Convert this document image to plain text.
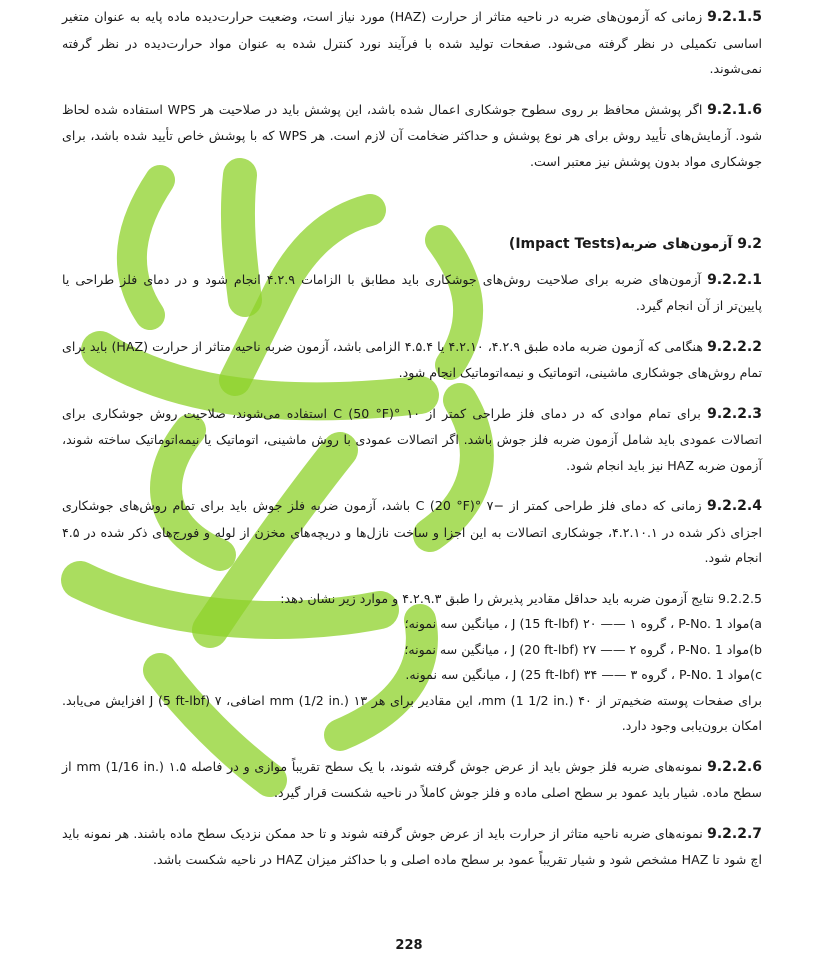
9.2.1.5 زمانی که آزمون‌های ضربه در ناحیه متاثر از حرارت (HAZ) مورد نیاز است، وضعیت حرارت‌دیده ماده پایه به عنوان متغیر اساسی تکمیلی در نظر گرفته می‌شود. صفحات تولید شده با فرآیند نورد کنترل شده به عنوان مواد حرارت‌دیده در نظر گرفته نمی‌شوند.

9.2.1.6 اگر پوشش محافظ بر روی سطوح جوشکاری اعمال شده باشد، این پوشش باید در صلاحیت هر WPS استفاده شده لحاظ شود. آزمایش‌های تأیید روش برای هر نوع پوشش و حداکثر ضخامت آن لازم است. هر WPS که با پوشش خاص تأیید شده باشد، برای جوشکاری مواد بدون پوشش نیز معتبر است.

9.2 آزمون‌های ضربه(Impact Tests)

9.2.2.1 آزمون‌های ضربه برای صلاحیت روش‌های جوشکاری باید مطابق با الزامات ۴.۲.۹ انجام شود و در دمای فلز طراحی یا پایین‌تر از آن انجام گیرد.

9.2.2.2 هنگامی که آزمون ضربه ماده طبق ۴.۲.۹، ۴.۲.۱۰ یا ۴.۵.۴ الزامی باشد، آزمون ضربه ناحیه متاثر از حرارت (HAZ) باید برای تمام روش‌های جوشکاری ماشینی، اتوماتیک و نیمه‌اتوماتیک انجام شود.

9.2.2.3 برای تمام موادی که در دمای فلز طراحی کمتر از ۱۰ °C (50 °F) استفاده می‌شوند، صلاحیت روش جوشکاری برای اتصالات عمودی باید شامل آزمون ضربه فلز جوش باشد. اگر اتصالات عمودی با روش ماشینی، اتوماتیک یا نیمه‌اتوماتیک ساخته شوند، آزمون ضربه HAZ نیز باید انجام شود.

9.2.2.4 زمانی که دمای فلز طراحی کمتر از −۷ °C (20 °F) باشد، آزمون ضربه فلز جوش باید برای تمام روش‌های جوشکاری اجزای ذکر شده در ۴.۲.۱۰.۱، جوشکاری اتصالات به این اجزا و ساخت نازل‌ها و دریچه‌های مخزن از لوله و فورج‌های ذکر شده در ۴.۵ انجام شود.

9.2.2.5 نتایج آزمون ضربه باید حداقل مقادیر پذیرش را طبق ۴.۲.۹.۳ و موارد زیر نشان دهد:

a)مواد P-No. 1 ، گروه ۱ —— ۲۰ J (15 ft-lbf) ، میانگین سه نمونه؛

b)مواد P-No. 1 ، گروه ۲ —— ۲۷ J (20 ft-lbf) ، میانگین سه نمونه؛

c)مواد P-No. 1 ، گروه ۳ —— ۳۴ J (25 ft-lbf) ، میانگین سه نمونه.

برای صفحات پوسته ضخیم‌تر از ۴۰ mm (1 1/2 in.)، این مقادیر برای هر ۱۳ mm (1/2 in.) اضافی، ۷ J (5 ft-lbf) افزایش می‌یابد. امکان برون‌یابی وجود دارد.

9.2.2.6 نمونه‌های ضربه فلز جوش باید از عرض جوش گرفته شوند، با یک سطح تقریباً موازی و در فاصله ۱.۵ mm (1/16 in.) از سطح ماده. شیار باید عمود بر سطح اصلی ماده و فلز جوش کاملاً در ناحیه شکست قرار گیرد.

9.2.2.7 نمونه‌های ضربه ناحیه متاثر از حرارت باید از عرض جوش گرفته شوند و تا حد ممکن نزدیک سطح ماده باشند. هر نمونه باید اچ شود تا HAZ مشخص شود و شیار تقریباً عمود بر سطح ماده اصلی و با حداکثر میزان HAZ در ناحیه شکست باشد.

228
